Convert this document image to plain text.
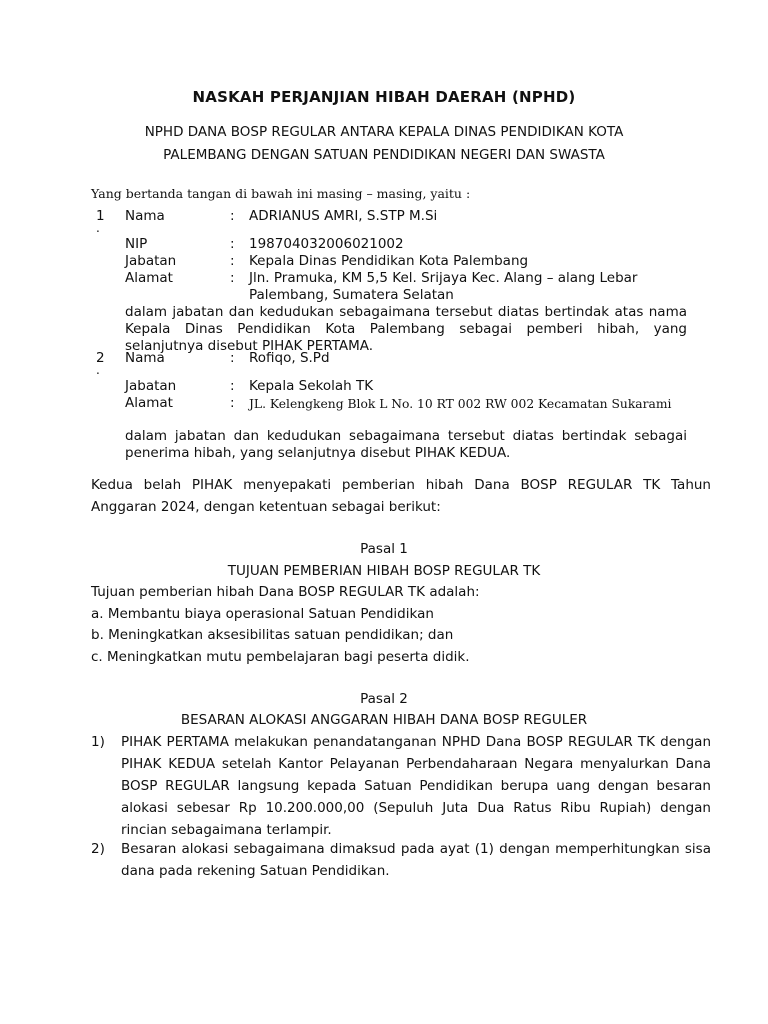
NASKAH PERJANJIAN HIBAH DAERAH (NPHD)
NPHD DANA BOSP REGULAR ANTARA KEPALA DINAS PENDIDIKAN KOTA PALEMBANG DENGAN SATUAN PENDIDIKAN NEGERI DAN SWASTA
Yang bertanda tangan di bawah ini masing – masing, yaitu :
1
.
Nama	: ADRIANUS AMRI, S.STP M.Si
NIP	: 198704032006021002
Jabatan	: Kepala Dinas Pendidikan Kota Palembang
Alamat	: Jln. Pramuka, KM 5,5 Kel. Srijaya Kec. Alang – alang Lebar Palembang, Sumatera Selatan
dalam jabatan dan kedudukan sebagaimana tersebut diatas bertindak atas nama Kepala Dinas Pendidikan Kota Palembang sebagai pemberi hibah, yang selanjutnya disebut PIHAK PERTAMA.
2
.
Nama	: Rofiqo, S.Pd
Jabatan	: Kepala Sekolah TK
Alamat	: JL. Kelengkeng Blok L No. 10 RT 002 RW 002 Kecamatan Sukarami
dalam jabatan dan kedudukan sebagaimana tersebut diatas bertindak sebagai penerima hibah, yang selanjutnya disebut PIHAK KEDUA.
Kedua belah PIHAK menyepakati pemberian hibah Dana BOSP REGULAR TK Tahun Anggaran 2024, dengan ketentuan sebagai berikut:
Pasal 1
TUJUAN PEMBERIAN HIBAH BOSP REGULAR TK
Tujuan pemberian hibah Dana BOSP REGULAR TK adalah:
a. Membantu biaya operasional Satuan Pendidikan
b. Meningkatkan aksesibilitas satuan pendidikan; dan
c. Meningkatkan mutu pembelajaran bagi peserta didik.
Pasal 2
BESARAN ALOKASI ANGGARAN HIBAH DANA BOSP REGULER
1) PIHAK PERTAMA melakukan penandatanganan NPHD Dana BOSP REGULAR TK dengan PIHAK KEDUA setelah Kantor Pelayanan Perbendaharaan Negara menyalurkan Dana BOSP REGULAR langsung kepada Satuan Pendidikan berupa uang dengan besaran alokasi sebesar Rp 10.200.000,00 (Sepuluh Juta Dua Ratus Ribu Rupiah) dengan rincian sebagaimana terlampir.
2) Besaran alokasi sebagaimana dimaksud pada ayat (1) dengan memperhitungkan sisa dana pada rekening Satuan Pendidikan.
